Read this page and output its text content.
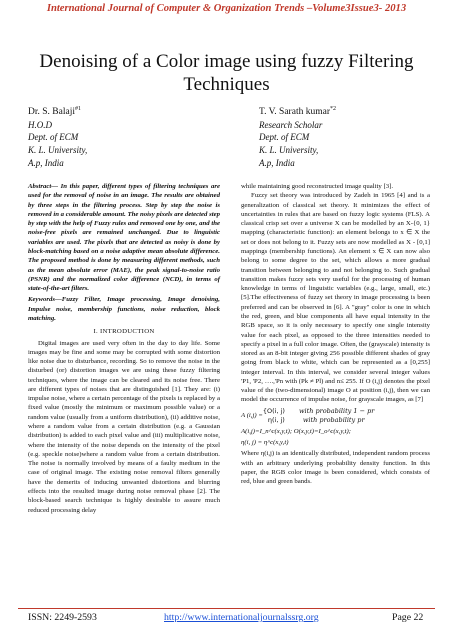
International Journal of Computer & Organization Trends –Volume3Issue3- 2013
Denoising of a Color image using fuzzy Filtering Techniques
Dr. S. Balaji$^{\#1}$
H.O.D
Dept. of ECM
K. L. University,
A.p, India
T. V. Sarath kumar$^{*2}$
Research Scholar
Dept. of ECM
K. L. University,
A.p, India

Abstract— In this paper, different types of filtering techniques are used for the removal of noise in an image. The results are obtained by three steps in the filtering process. Step by step the noise is removed in a considerable amount. The noisy pixels are detected step by step with the help of Fuzzy rules and removed one by one, and the noise-free pixels are remained unchanged. Due to linguistic variables are used. The pixels that are detected as noisy is done by block-matching based on a noise adaptive mean absolute difference. The proposed method is done by measuring different methods, such as the mean absolute error (MAE), the peak signal-to-noise ratio (PSNR) and the normalized color difference (NCD), in terms of state-of-the-art filters.

Keywords—Fuzzy Filter, Image processing, Image denoising, Impulse noise, membership functions, noise reduction, block matching.

I. INTRODUCTION

Digital images are used very often in the day to day life. Some images may be fine and some may be corrupted with some distortion like noise due to disturbance, recording. So to remove the noise in the disturbed (or) distortion images we are using these fuzzy filtering techniques, where the image can be cleared and its noise free. There are different types of noises that are distinguished [1]. They are: (i) impulse noise, where a certain percentage of the pixels is replaced by a fixed value (mostly the minimum or maximum possible value) or a random value (usually from a uniform distribution), (ii) additive noise, where a random value from a certain distribution (e.g. a Gaussian distribution) is added to each pixel value and (iii) multiplicative noise, where the intensity of the noise depends on the intensity of the pixel (e.g. speckle noise)where a random value from a certain distribution. The noise is normally involved by means of a faulty medium in the case of original image. The existing noise removal filters generally have the demerits of inducing unwanted distortions and blurring effects into the resulted image during noise removal phase [2]. The block-based search technique is highly desirable to assure much reduced processing delay

while maintaining good reconstructed image quality [3].

Fuzzy set theory was introduced by Zadeh in 1965 [4] and is a generalization of classical set theory. It minimizes the effect of uncertainties in rules that are based on fuzzy logic systems (FLS). A classical crisp set over a universe X can be modelled by an X-{0, 1} mapping (characteristic function): an element belongs to x ∈ X the set or does not belong to it. Fuzzy sets are now modelled as X - [0,1] mappings (membership functions). An element x ∈ X can now also belong to some degree to the set, which allows a more gradual transition between belonging to and not belonging to. Such gradual transition makes fuzzy sets very useful for the processing of human knowledge in terms of linguistic variables (e.g., large, small, etc.)[5].The effectiveness of fuzzy set theory in image processing is been preferred and can be observed in [6]. A "gray" color is one in which the red, green, and blue components all have equal intensity in the RGB space, so it is only necessary to specify one single intensity value for each pixel, as opposed to the three intensities needed to specify a pixel in a full color image. Often, the (grayscale) intensity is stored as an 8-bit integer giving 256 possible different shades of gray going from black to white, which can be represented as a [0,255] integer interval. In this interval, we consider several integer values 'P1, 'P2, ….,'Pn with (Pk ≠ Pl) and n≤ 255. If O (i,j) denotes the pixel value of the (two-dimensional) image O at position (i,j), then we can model the occurrence of impulse noise, for grayscale images, as [7]

A (i,j) =
{O(i, j) with probability 1 − pr
η(i, j)	with probability pr

A(i,j)=I_n^c(x,y,t); O(x,y,t)=I_o^c(x,y,t);

η(i, j) = η^c(x,y,t)

Where η(i,j) is an identically distributed, independent random process with an arbitrary underlying probability density function. In this paper, the RGB color image is been considered, which consists of red, blue and green bands.

ISSN: 2249-2593	http://www.internationaljournalssrg.org	Page 22
